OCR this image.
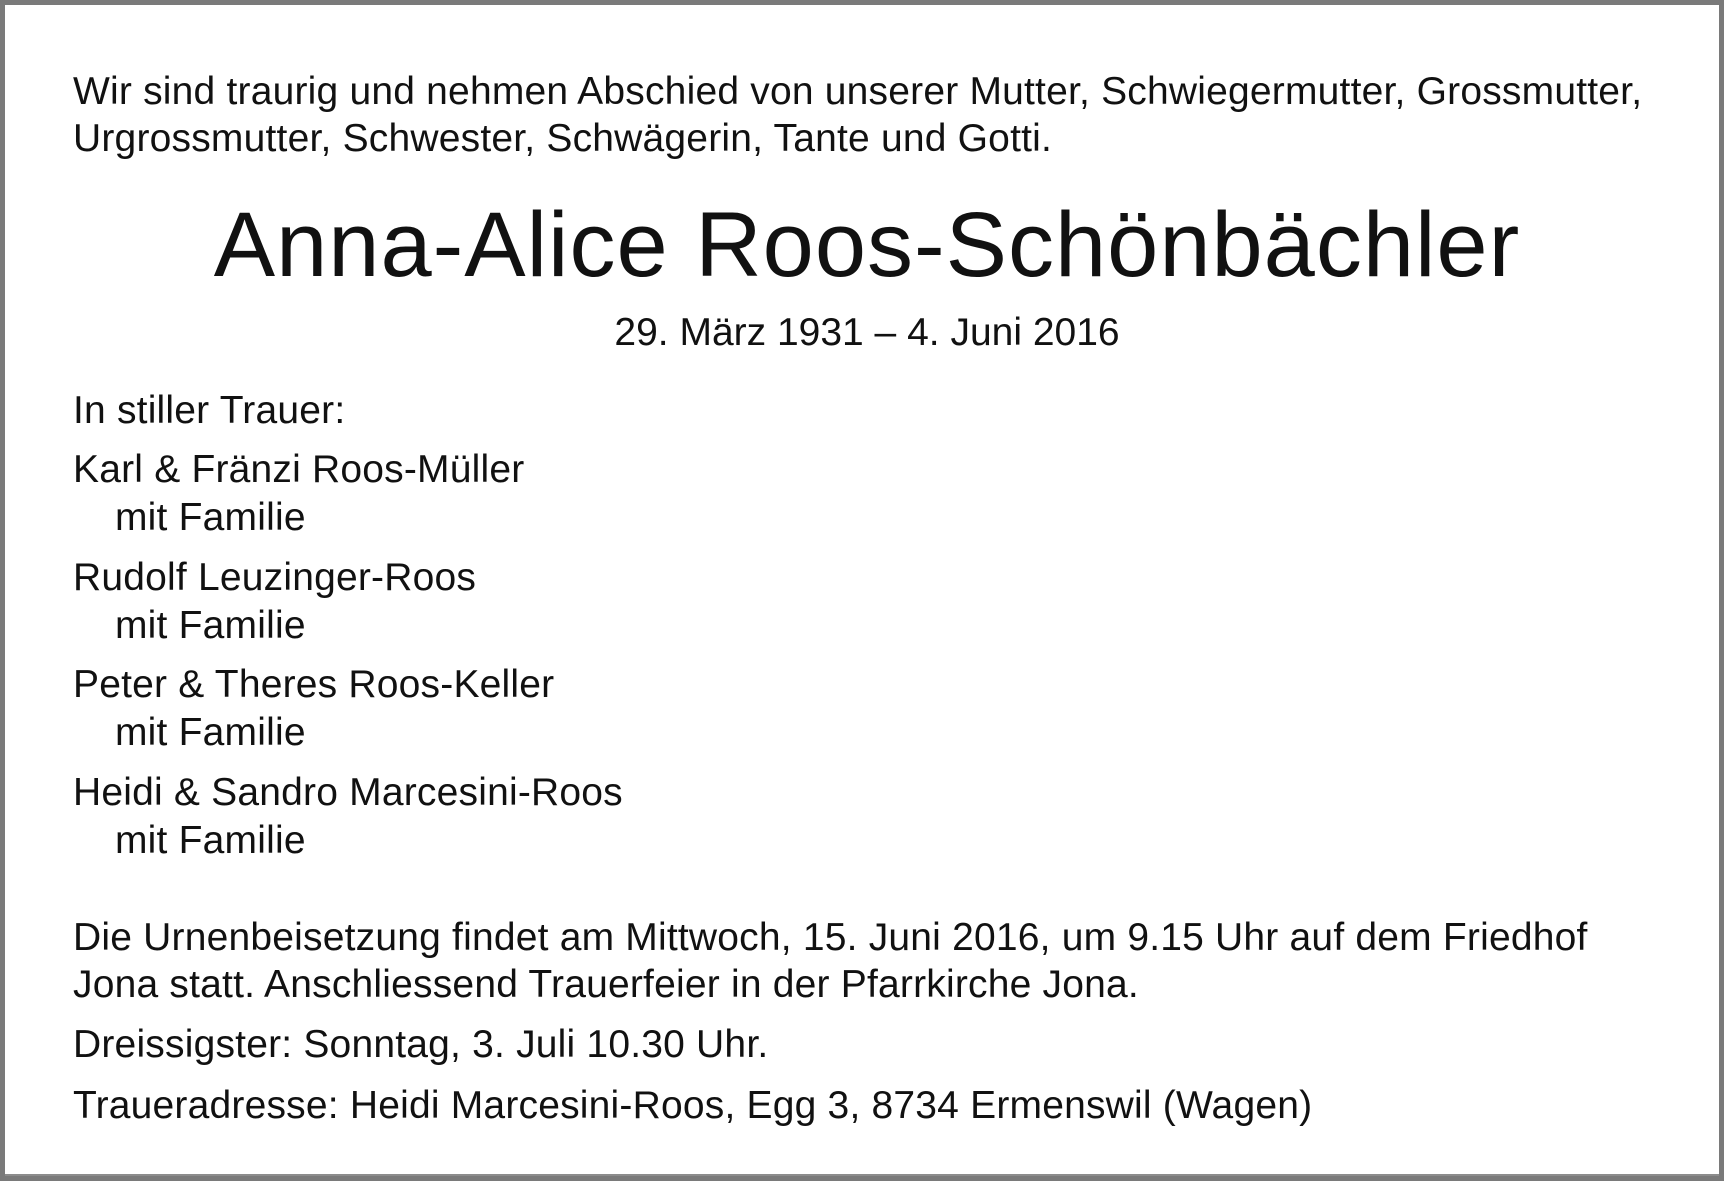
Wir sind traurig und nehmen Abschied von unserer Mutter, Schwiegermutter, Grossmutter,

Urgrossmutter, Schwester, Schwägerin, Tante und Gotti.

Anna-Alice Roos-Schönbächler

29. März 1931 – 4. Juni 2016

In stiller Trauer:

Karl & Fränzi Roos-Müller

mit Familie

Rudolf Leuzinger-Roos

mit Familie

Peter & Theres Roos-Keller

mit Familie

Heidi & Sandro Marcesini-Roos

mit Familie

Die Urnenbeisetzung findet am Mittwoch, 15. Juni 2016, um 9.15 Uhr auf dem Friedhof

Jona statt. Anschliessend Trauerfeier in der Pfarrkirche Jona.

Dreissigster: Sonntag, 3. Juli 10.30 Uhr.

Traueradresse: Heidi Marcesini-Roos, Egg 3, 8734 Ermenswil (Wagen)
